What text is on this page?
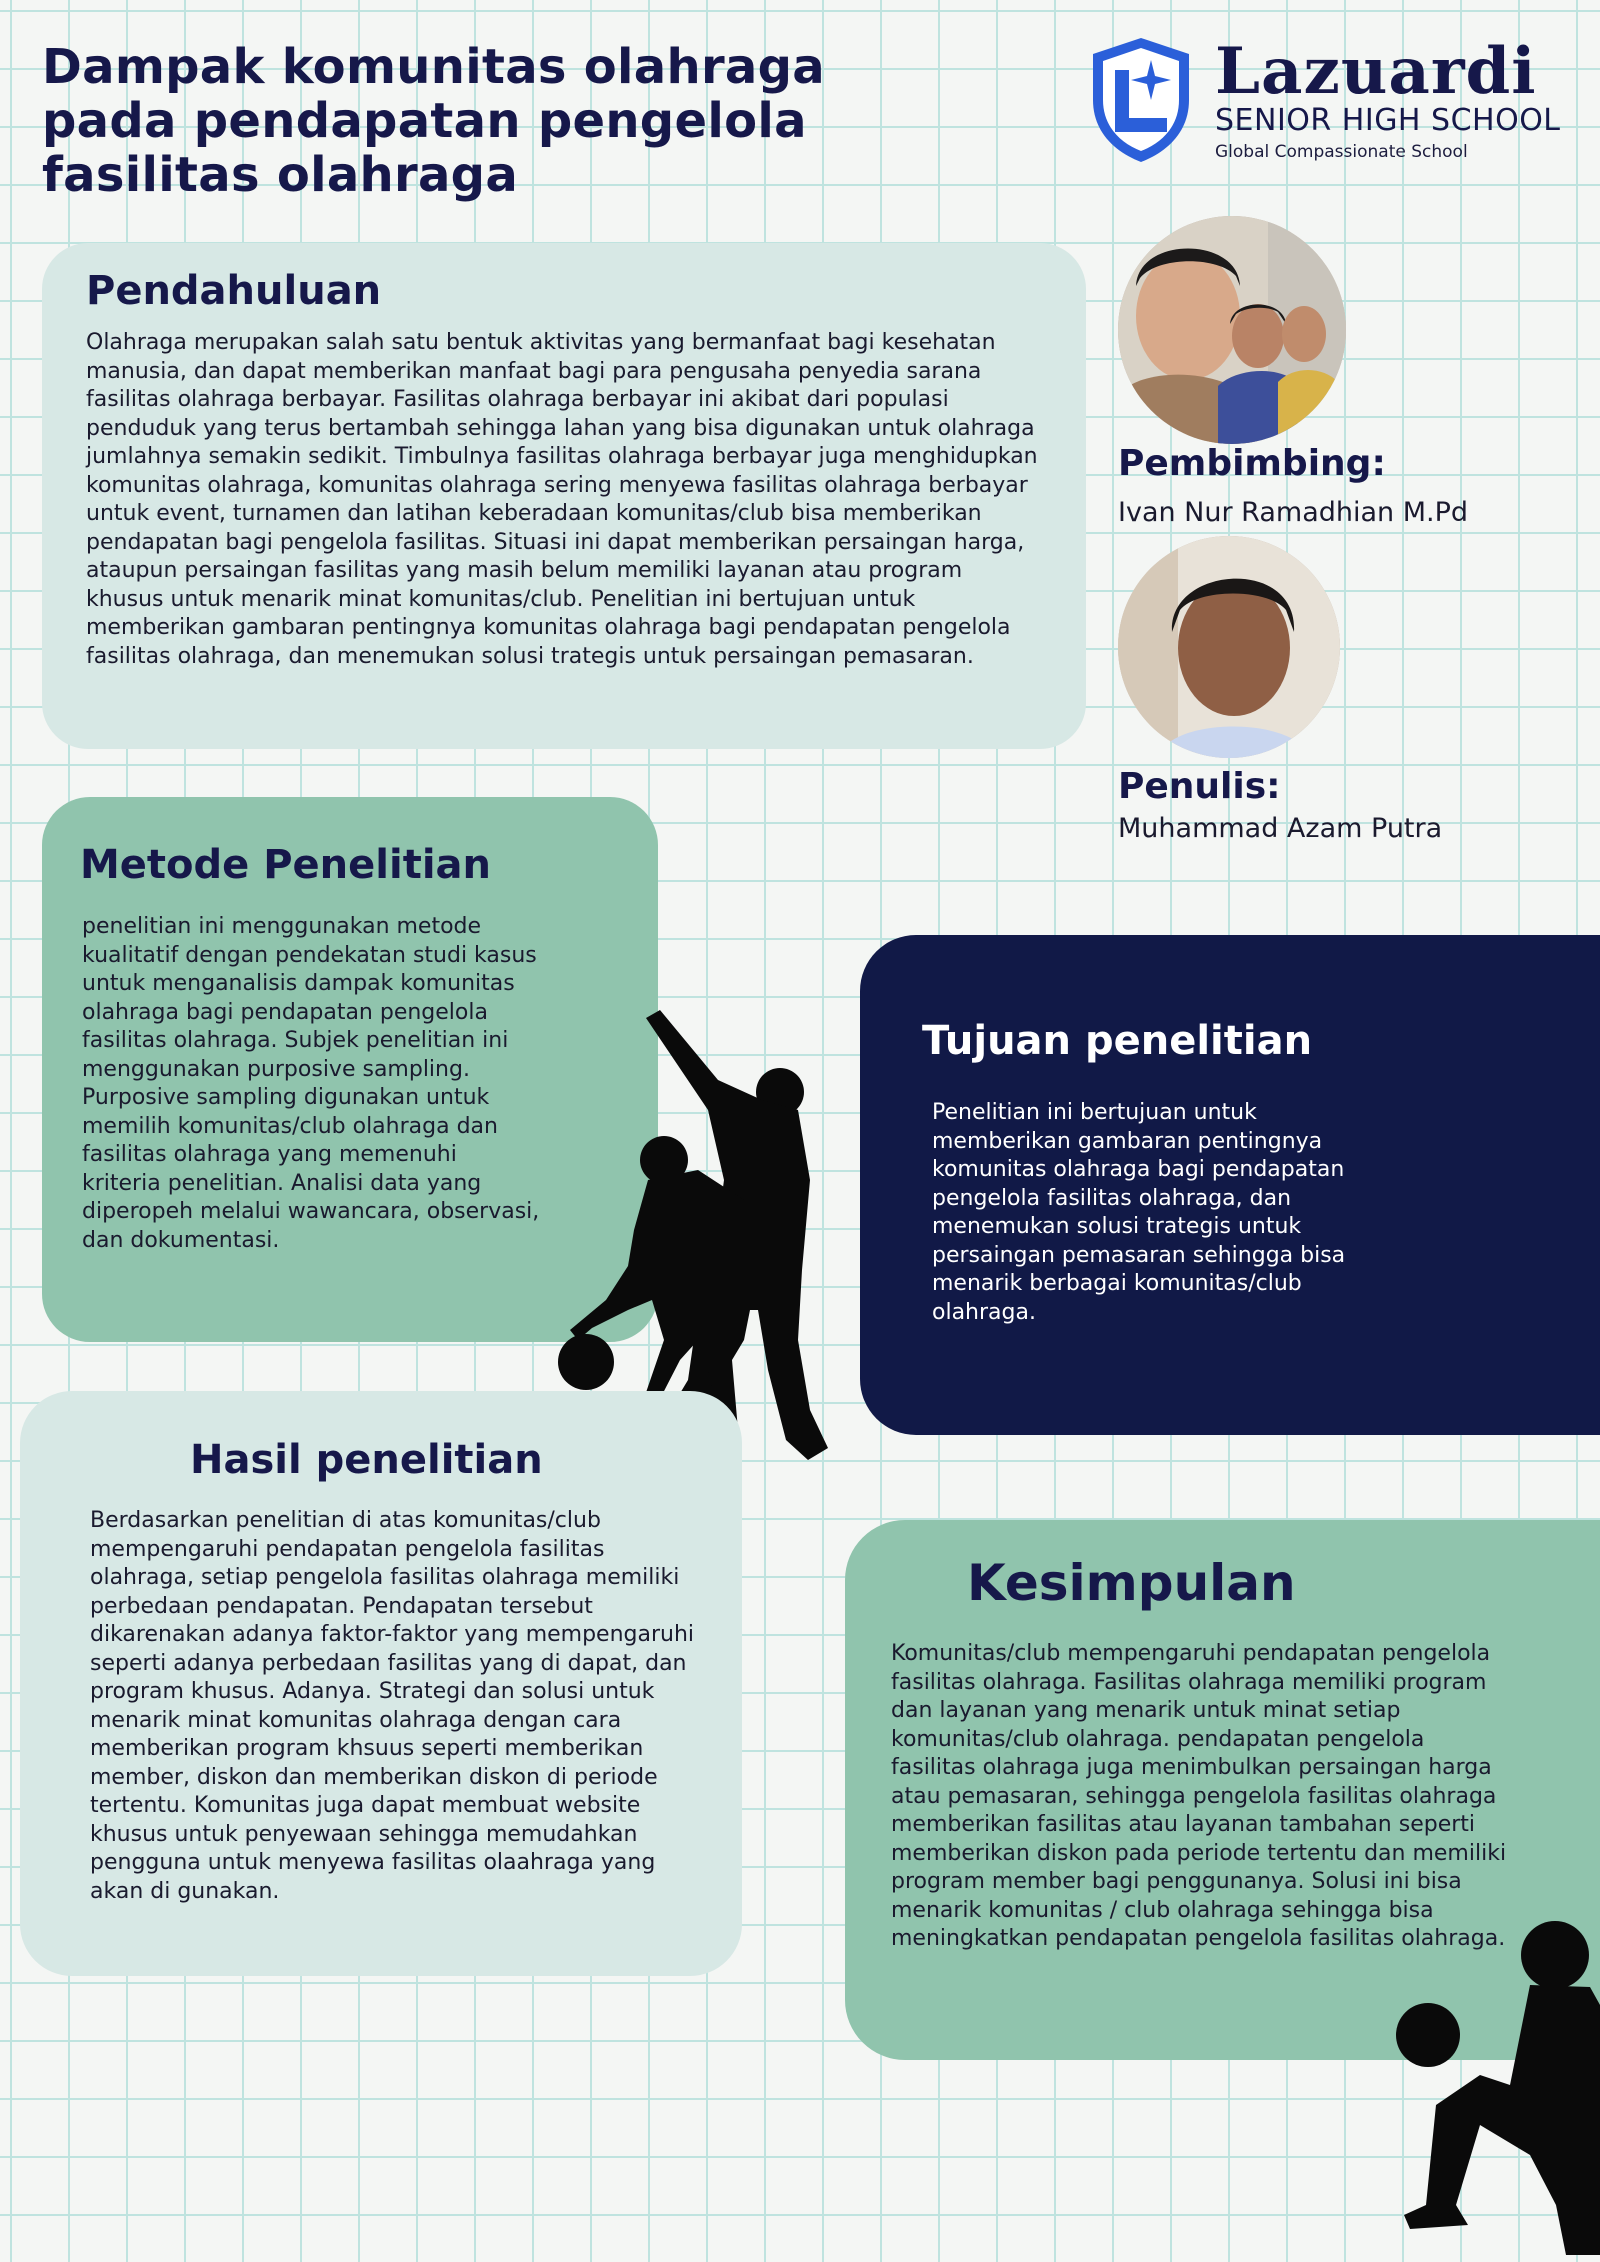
Dampak komunitas olahraga pada pendapatan pengelola fasilitas olahraga
Lazuardi
SENIOR HIGH SCHOOL
Global Compassionate School
Pendahuluan

Olahraga merupakan salah satu bentuk aktivitas yang bermanfaat bagi kesehatan manusia, dan dapat memberikan manfaat bagi para pengusaha penyedia sarana fasilitas olahraga berbayar. Fasilitas olahraga berbayar ini akibat dari populasi penduduk yang terus bertambah sehingga lahan yang bisa digunakan untuk olahraga jumlahnya semakin sedikit. Timbulnya fasilitas olahraga berbayar juga menghidupkan komunitas olahraga, komunitas olahraga sering menyewa fasilitas olahraga berbayar untuk event, turnamen dan latihan keberadaan komunitas/club bisa memberikan pendapatan bagi pengelola fasilitas. Situasi ini dapat memberikan persaingan harga, ataupun persaingan fasilitas yang masih belum memiliki layanan atau program khusus untuk menarik minat komunitas/club. Penelitian ini bertujuan untuk memberikan gambaran pentingnya komunitas olahraga bagi pendapatan pengelola fasilitas olahraga, dan menemukan solusi trategis untuk persaingan pemasaran.

Pembimbing:
Ivan Nur Ramadhian M.Pd
Penulis:
Muhammad Azam Putra
Metode Penelitian

penelitian ini menggunakan metode kualitatif dengan pendekatan studi kasus untuk menganalisis dampak komunitas olahraga bagi pendapatan pengelola fasilitas olahraga. Subjek penelitian ini menggunakan purposive sampling. Purposive sampling digunakan untuk memilih komunitas/club olahraga dan fasilitas olahraga yang memenuhi kriteria penelitian. Analisi data yang diperopeh melalui wawancara, observasi, dan dokumentasi.

Tujuan penelitian

Penelitian ini bertujuan untuk memberikan gambaran pentingnya komunitas olahraga bagi pendapatan pengelola fasilitas olahraga, dan menemukan solusi trategis untuk persaingan pemasaran sehingga bisa menarik berbagai komunitas/club olahraga.

Hasil penelitian

Berdasarkan penelitian di atas komunitas/club mempengaruhi pendapatan pengelola fasilitas olahraga, setiap pengelola fasilitas olahraga memiliki perbedaan pendapatan. Pendapatan tersebut dikarenakan adanya faktor-faktor yang mempengaruhi seperti adanya perbedaan fasilitas yang di dapat, dan program khusus. Adanya. Strategi dan solusi untuk menarik minat komunitas olahraga dengan cara memberikan program khsuus seperti memberikan member, diskon dan memberikan diskon di periode tertentu. Komunitas juga dapat membuat website khusus untuk penyewaan sehingga memudahkan pengguna untuk menyewa fasilitas olaahraga yang akan di gunakan.

Kesimpulan

Komunitas/club mempengaruhi pendapatan pengelola fasilitas olahraga. Fasilitas olahraga memiliki program dan layanan yang menarik untuk minat setiap komunitas/club olahraga. pendapatan pengelola fasilitas olahraga juga menimbulkan persaingan harga atau pemasaran, sehingga pengelola fasilitas olahraga memberikan fasilitas atau layanan tambahan seperti memberikan diskon pada periode tertentu dan memiliki program member bagi penggunanya. Solusi ini bisa menarik komunitas / club olahraga sehingga bisa meningkatkan pendapatan pengelola fasilitas olahraga.
